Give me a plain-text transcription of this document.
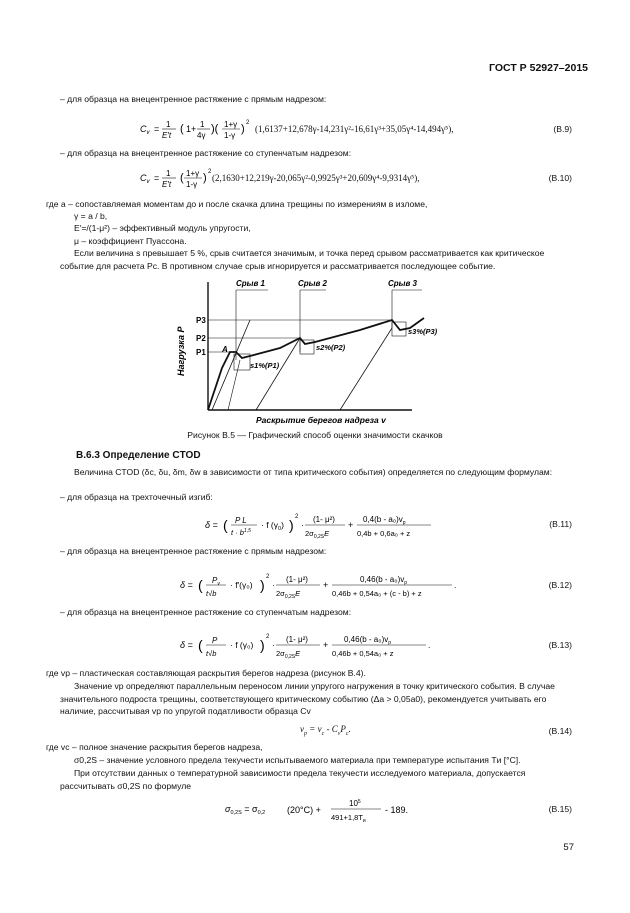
ГОСТ Р 52927–2015
– для образца на внецентренное растяжение с прямым надрезом:
$C_v = 1$
E′t
( 1+ 1
4γ
)( 1+γ
1-γ
) 2
(1,6137+12,678γ-14,231γ²-16,61γ³+35,05γ⁴-14,494γ⁵),	(В.9)
– для образца на внецентренное растяжение со ступенчатым надрезом:
$C_v = 1$
E′t
( 1+γ
1-γ
) 2
(2,1630+12,219γ-20,065γ²-0,9925γ³+20,609γ⁴-9,9314γ⁵),	(В.10)
где a – сопоставляемая моментам до и после скачка длина трещины по измерениям в изломе,
γ = a / b,
E′=/(1-μ²) – эффективный модуль упругости,
μ – коэффициент Пуассона.
Если величина s превышает 5 %, срыв считается значимым, и точка перед срывом рассматривается как критическое событие для расчета Pc. В противном случае срыв игнорируется и рассматривается последующее событие.
Нагрузка P
Раскрытие берегов надреза v
P3
P2
P1
Срыв 1	Срыв 2	Срыв 3
A
s1%(P1)
s2%(P2)
s3%(P3)
Рисунок В.5 — Графический способ оценки значимости скачков
В.6.3 Определение CTOD
Величина CTOD (δc, δu, δm, δw в зависимости от типа критического события) определяется по следующим формулам:
– для образца на трехточечный изгиб:
δ = ( P L
$t \cdot b^{1,5}$
· f $(\gamma_0)$ ) 2
·
(1- μ²)
$2\sigma_{0,2S}E$
+
$0,4(b - a_0)v_p$
0,4b + 0,6a₀ + z
(В.11)
– для образца на внецентренное растяжение с прямым надрезом:
δ = ( $P_v$
t√b
· f′(γ₀) ) 2
·
(1- μ²)
$2\sigma_{0,2S}E$
+
$0,46(b - a_0)v_p$
0,46b + 0,54a₀ + (c - b) + z
.	(В.12)
– для образца на внецентренное растяжение со ступенчатым надрезом:
δ = ( P
t√b
· f (γ₀) ) 2
·
(1- μ²)
$2\sigma_{0,2S}E$
+
$0,46(b - a_0)v_p$
0,46b + 0,54a₀ + z
.	(В.13)
где vp – пластическая составляющая раскрытия берегов надреза (рисунок В.4).
Значение vp определяют параллельным переносом линии упругого нагружения в точку критического события. В случае значительного подроста трещины, соответствующего критическому событию (Δa > 0,05a0), рекомендуется учитывать его наличие, рассчитывая vp по упругой податливости образца Cv
$v_p = v_c - C_vP_c$.	(В.14)
где vc – полное значение раскрытия берегов надреза,
σ0,2S – значение условного предела текучести испытываемого материала при температуре испытания Tи [°C].
При отсутствии данных о температурной зависимости предела текучести исследуемого материала, допускается рассчитывать σ0,2S по формуле
$\sigma_{0,2S} = \sigma_{0,2}$ (20°C) +
$10^5$
$491+1,8T_и$
- 189.	(В.15)
57
